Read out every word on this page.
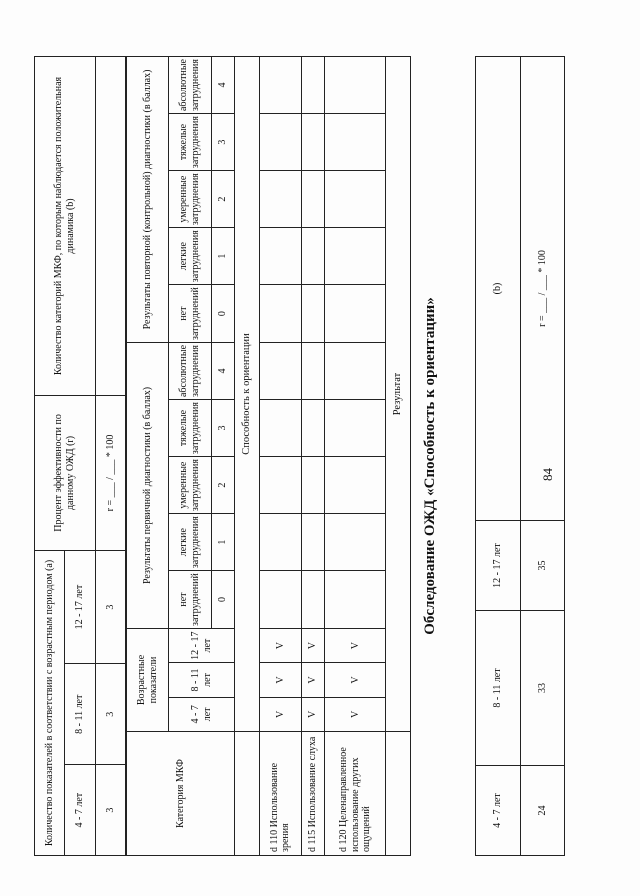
84
4 - 7 лет	8 - 11 лет	12 - 17 лет	(b)
24	33	35	r = ___ / ___ * 100
Обследование ОЖД «Способность к ориентации»
Категория МКФ	Возрастные показатели			Результаты первичной диагностики (в баллах)					Результаты повторной (контрольной) диагностики (в баллах)				
	4 - 7 лет	8 - 11 лет	12 - 17 лет	нет затруднений	легкие затруднения	умеренные затруднения	тяжелые затруднения	абсолютные затруднения	нет затруднений	легкие затруднения	умеренные затруднения	тяжелые затруднения	абсолютные затруднения
				0	1	2	3	4	0	1	2	3	4
	Способность к ориентации												
d 110 Использование зрения	V	V	V										
d 115 Использование слуха	V	V	V										
d 120 Целенаправленное использование других ощущений	V	V	V										
	Результат												
Количество показателей в соответствии с возрастным периодом (a)			Процент эффективности по данному ОЖД (r)	Количество категорий МКФ, по которым наблюдается положительная динамика (b)
4 - 7 лет	8 - 11 лет	12 - 17 лет		
3	3	3	r = ___ / ___ * 100	
